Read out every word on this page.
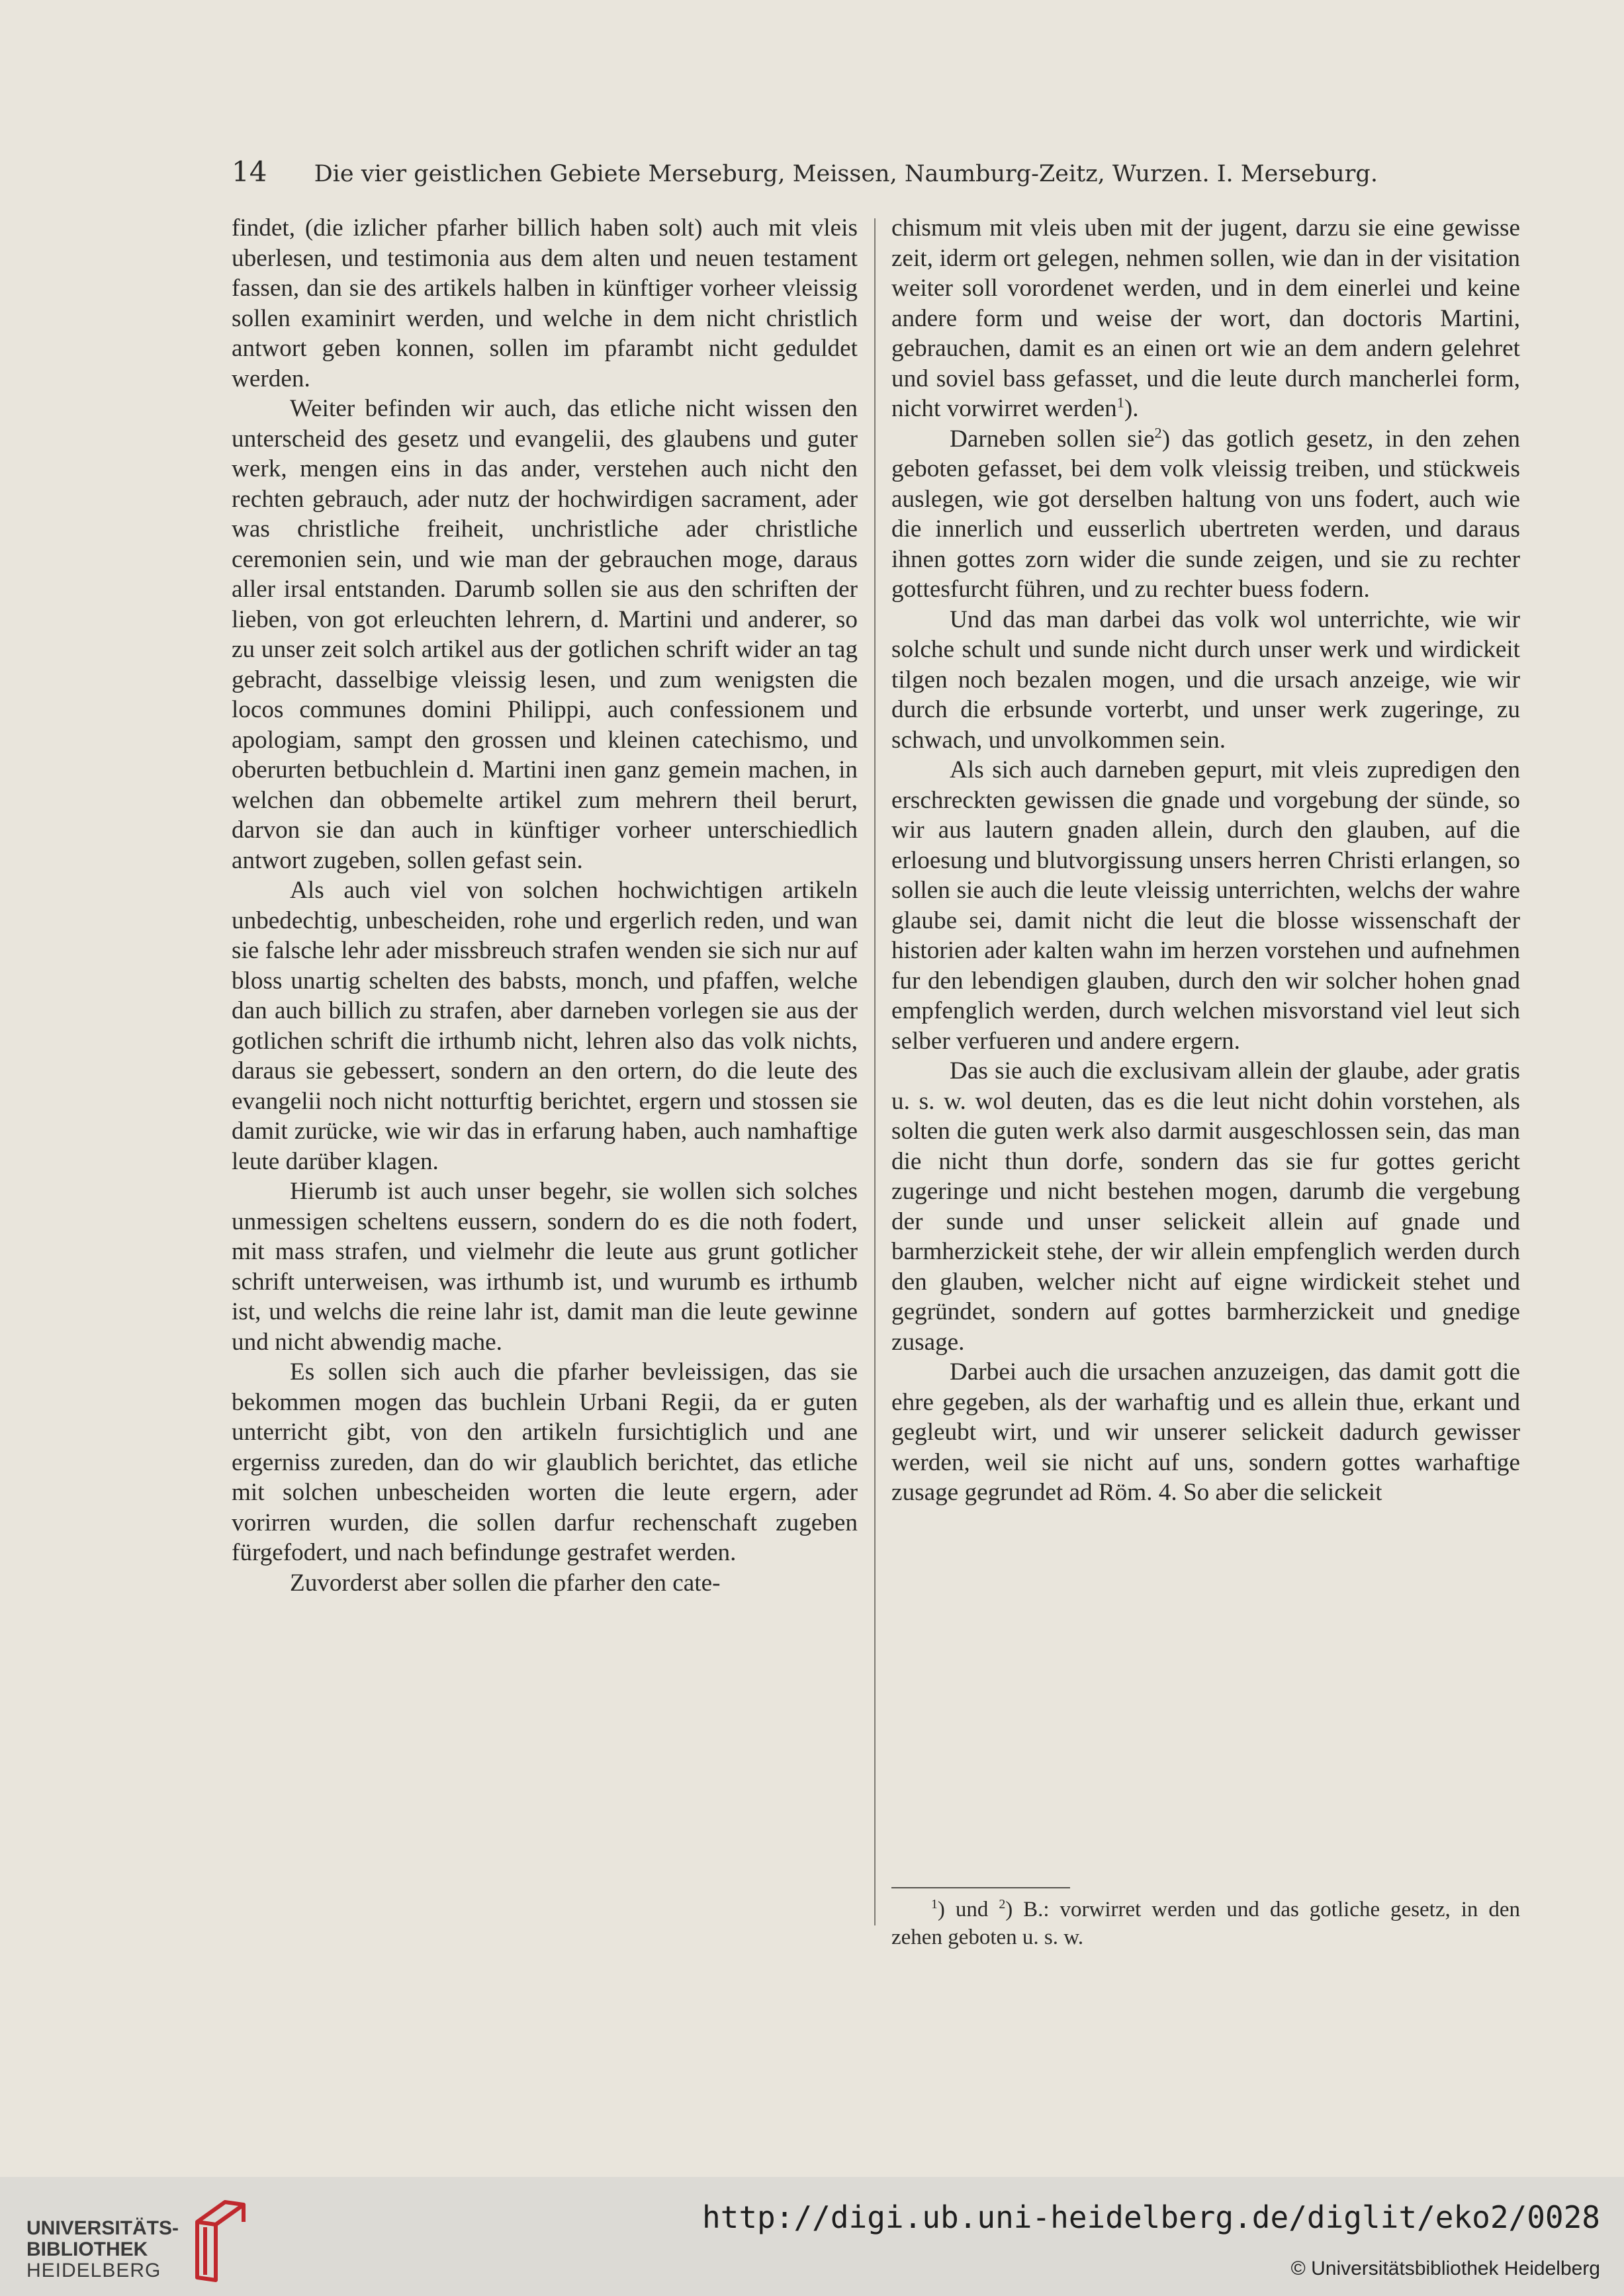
14 Die vier geistlichen Gebiete Merseburg, Meissen, Naumburg-Zeitz, Wurzen. I. Merseburg.

findet, (die izlicher pfarher billich haben solt) auch mit vleis uberlesen, und testimonia aus dem alten und neuen testament fassen, dan sie des artikels halben in künftiger vorheer vleissig sollen examinirt werden, und welche in dem nicht christlich antwort geben konnen, sollen im pfarambt nicht geduldet werden.

Weiter befinden wir auch, das etliche nicht wissen den unterscheid des gesetz und evangelii, des glaubens und guter werk, mengen eins in das ander, verstehen auch nicht den rechten gebrauch, ader nutz der hochwirdigen sacrament, ader was christliche freiheit, unchristliche ader christliche ceremonien sein, und wie man der gebrauchen moge, daraus aller irsal entstanden. Darumb sollen sie aus den schriften der lieben, von got erleuchten lehrern, d. Martini und anderer, so zu unser zeit solch artikel aus der gotlichen schrift wider an tag gebracht, dasselbige vleissig lesen, und zum wenigsten die locos communes domini Philippi, auch confessionem und apologiam, sampt den grossen und kleinen catechismo, und oberurten betbuchlein d. Martini inen ganz gemein machen, in welchen dan obbemelte artikel zum mehrern theil berurt, darvon sie dan auch in künftiger vorheer unterschiedlich antwort zugeben, sollen gefast sein.

Als auch viel von solchen hochwichtigen artikeln unbedechtig, unbescheiden, rohe und ergerlich reden, und wan sie falsche lehr ader missbreuch strafen wenden sie sich nur auf bloss unartig schelten des babsts, monch, und pfaffen, welche dan auch billich zu strafen, aber darneben vorlegen sie aus der gotlichen schrift die irthumb nicht, lehren also das volk nichts, daraus sie gebessert, sondern an den ortern, do die leute des evangelii noch nicht notturftig berichtet, ergern und stossen sie damit zurücke, wie wir das in erfarung haben, auch namhaftige leute darüber klagen.

Hierumb ist auch unser begehr, sie wollen sich solches unmessigen scheltens eussern, sondern do es die noth fodert, mit mass strafen, und vielmehr die leute aus grunt gotlicher schrift unterweisen, was irthumb ist, und wurumb es irthumb ist, und welchs die reine lahr ist, damit man die leute gewinne und nicht abwendig mache.

Es sollen sich auch die pfarher bevleissigen, das sie bekommen mogen das buchlein Urbani Regii, da er guten unterricht gibt, von den artikeln fursichtiglich und ane ergerniss zureden, dan do wir glaublich berichtet, das etliche mit solchen unbescheiden worten die leute ergern, ader vorirren wurden, die sollen darfur rechenschaft zugeben fürgefodert, und nach befindunge gestrafet werden.

Zuvorderst aber sollen die pfarher den cate-

chismum mit vleis uben mit der jugent, darzu sie eine gewisse zeit, iderm ort gelegen, nehmen sollen, wie dan in der visitation weiter soll vorordenet werden, und in dem einerlei und keine andere form und weise der wort, dan doctoris Martini, gebrauchen, damit es an einen ort wie an dem andern gelehret und soviel bass gefasset, und die leute durch mancherlei form, nicht vorwirret werden$^1$).

Darneben sollen sie$^2$) das gotlich gesetz, in den zehen geboten gefasset, bei dem volk vleissig treiben, und stückweis auslegen, wie got derselben haltung von uns fodert, auch wie die innerlich und eusserlich ubertreten werden, und daraus ihnen gottes zorn wider die sunde zeigen, und sie zu rechter gottesfurcht führen, und zu rechter buess fodern.

Und das man darbei das volk wol unterrichte, wie wir solche schult und sunde nicht durch unser werk und wirdickeit tilgen noch bezalen mogen, und die ursach anzeige, wie wir durch die erbsunde vorterbt, und unser werk zugeringe, zu schwach, und unvolkommen sein.

Als sich auch darneben gepurt, mit vleis zupredigen den erschreckten gewissen die gnade und vorgebung der sünde, so wir aus lautern gnaden allein, durch den glauben, auf die erloesung und blutvorgissung unsers herren Christi erlangen, so sollen sie auch die leute vleissig unterrichten, welchs der wahre glaube sei, damit nicht die leut die blosse wissenschaft der historien ader kalten wahn im herzen vorstehen und aufnehmen fur den lebendigen glauben, durch den wir solcher hohen gnad empfenglich werden, durch welchen misvorstand viel leut sich selber verfueren und andere ergern.

Das sie auch die exclusivam allein der glaube, ader gratis u. s. w. wol deuten, das es die leut nicht dohin vorstehen, als solten die guten werk also darmit ausgeschlossen sein, das man die nicht thun dorfe, sondern das sie fur gottes gericht zugeringe und nicht bestehen mogen, darumb die vergebung der sunde und unser selickeit allein auf gnade und barmherzickeit stehe, der wir allein empfenglich werden durch den glauben, welcher nicht auf eigne wirdickeit stehet und gegründet, sondern auf gottes barmherzickeit und gnedige zusage.

Darbei auch die ursachen anzuzeigen, das damit gott die ehre gegeben, als der warhaftig und es allein thue, erkant und gegleubt wirt, und wir unserer selickeit dadurch gewisser werden, weil sie nicht auf uns, sondern gottes warhaftige zusage gegrundet ad Röm. 4. So aber die selickeit

$^1$) und $^2$) B.: vorwirret werden und das gotliche gesetz, in den zehen geboten u. s. w.
UNIVERSITÄTS-
BIBLIOTHEK
HEIDELBERG
http://digi.ub.uni-heidelberg.de/diglit/eko2/0028
© Universitätsbibliothek Heidelberg
